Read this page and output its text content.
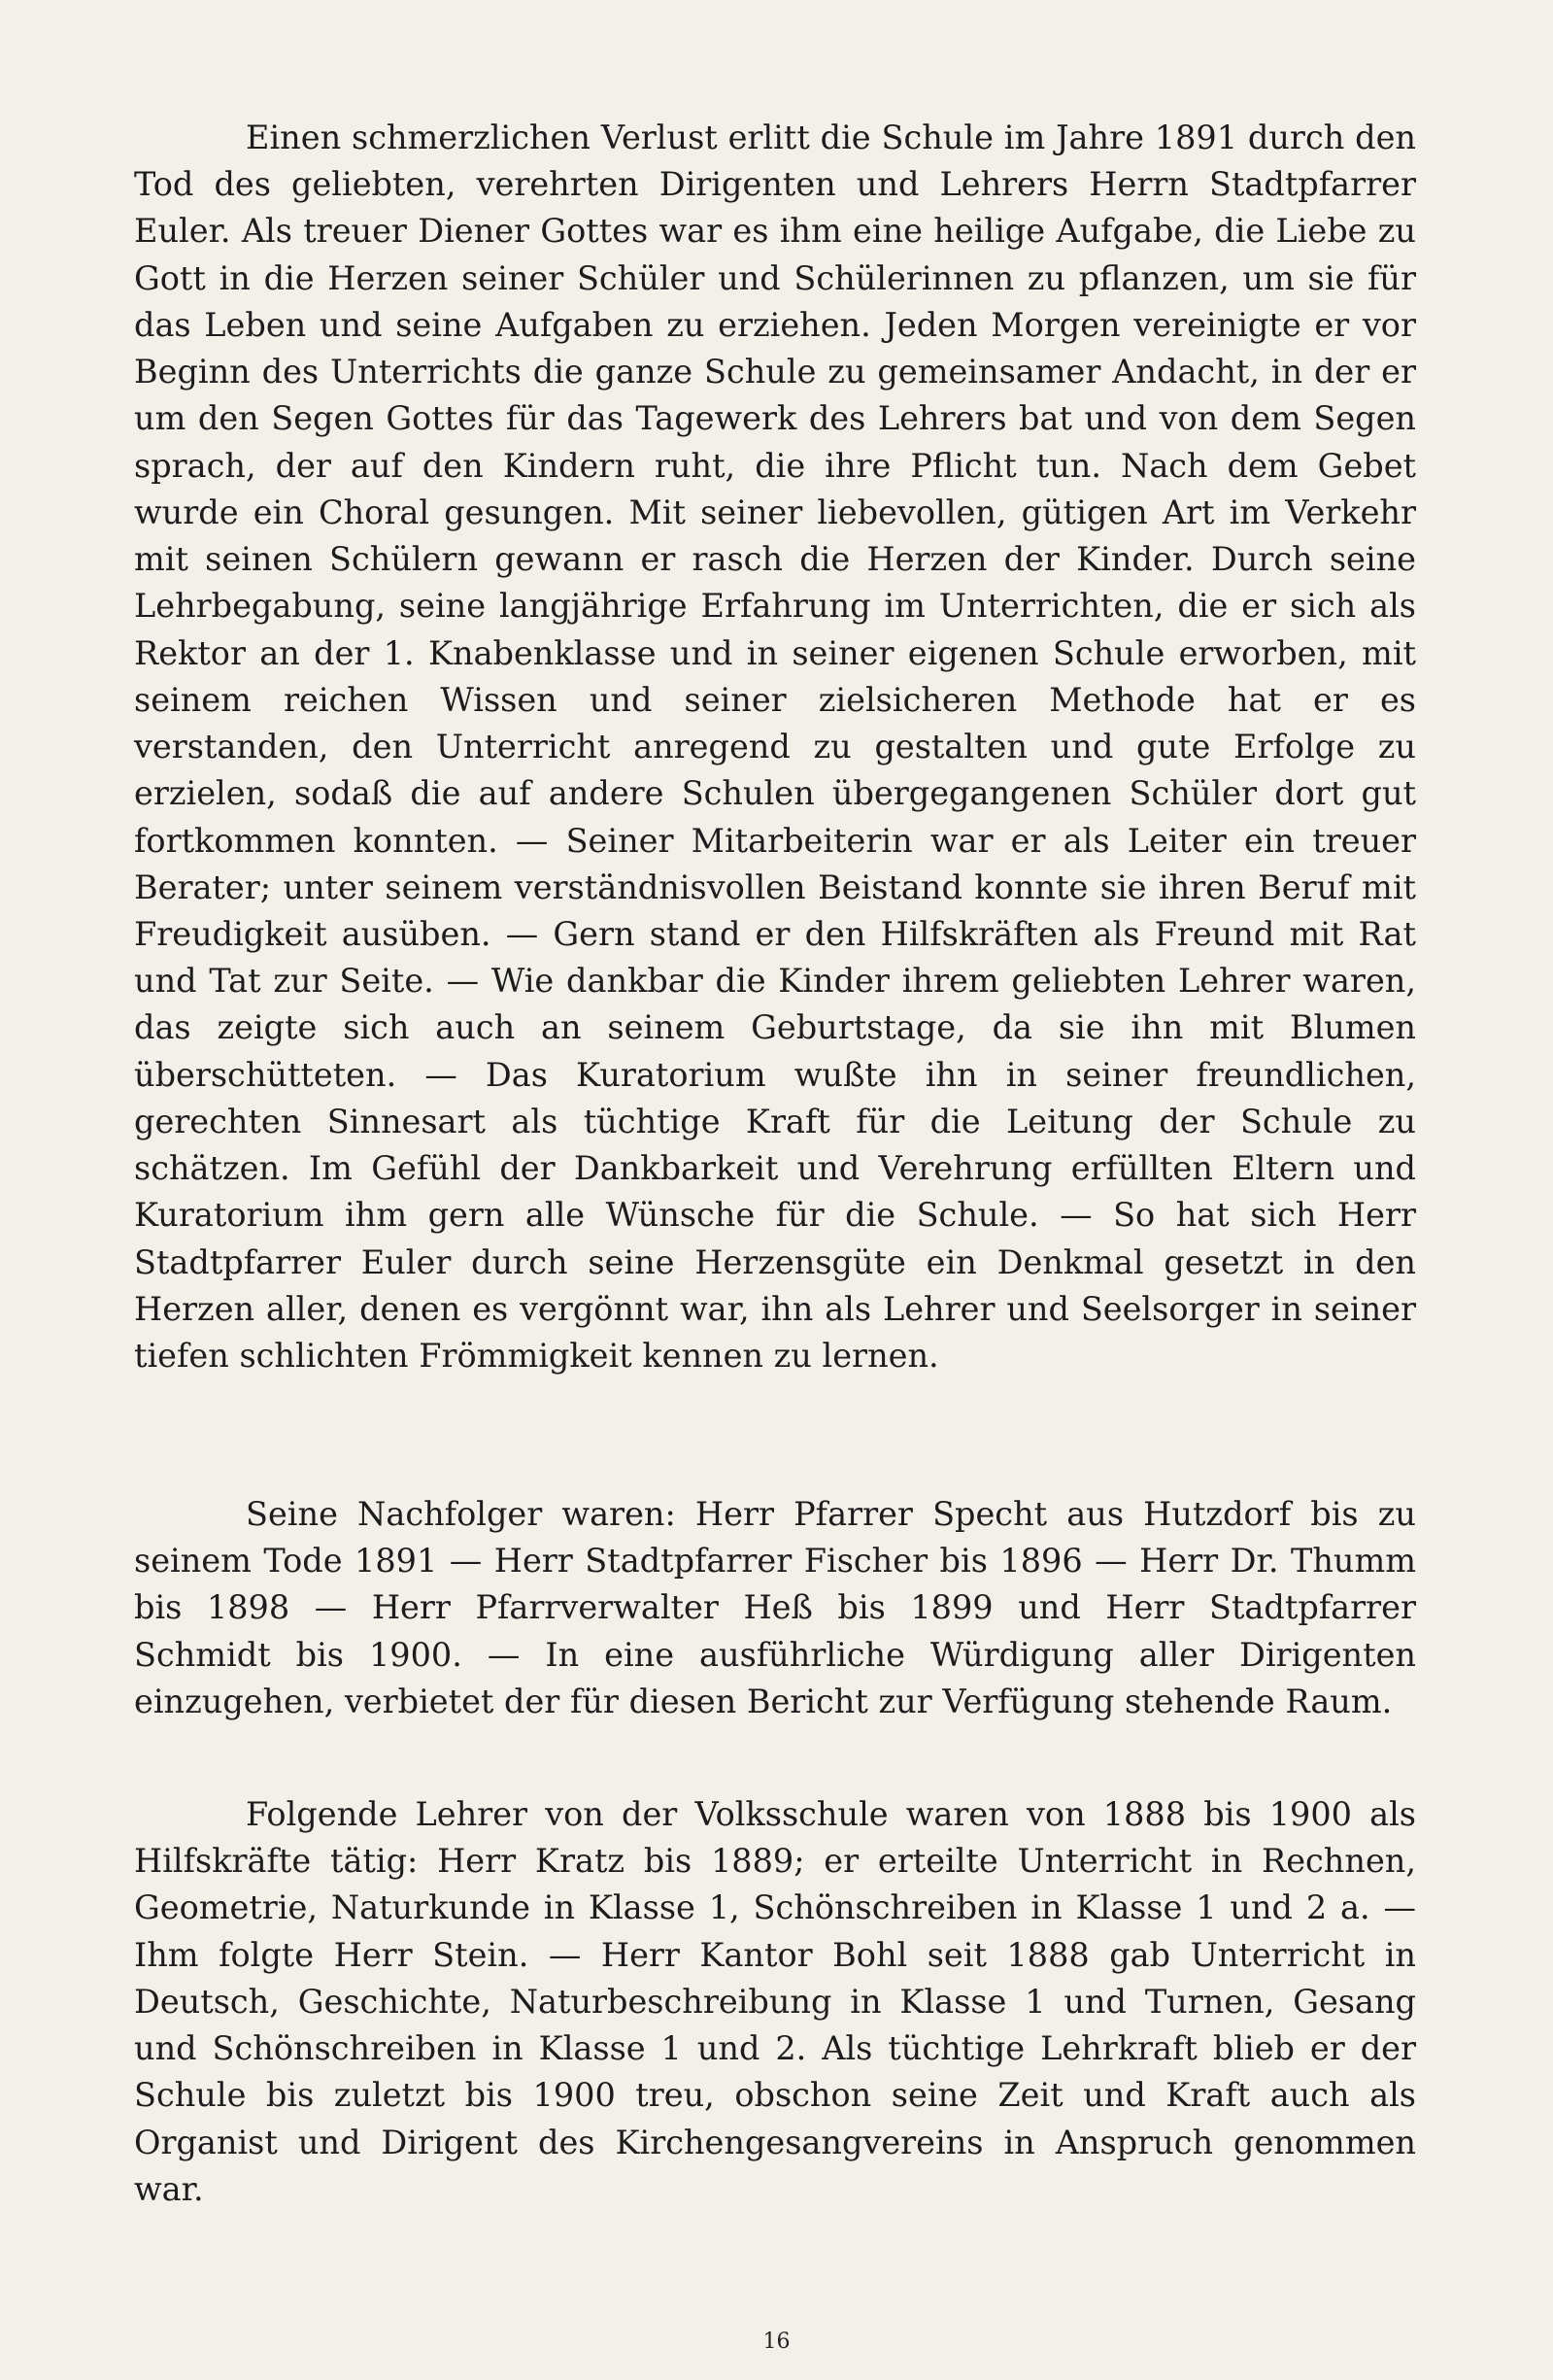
Einen schmerzlichen Verlust erlitt die Schule im Jahre 1891 durch den Tod des geliebten, verehrten Dirigenten und Lehrers Herrn Stadtpfarrer Euler. Als treuer Diener Gottes war es ihm eine heilige Aufgabe, die Liebe zu Gott in die Herzen seiner Schüler und Schülerinnen zu pflanzen, um sie für das Leben und seine Aufgaben zu erziehen. Jeden Morgen vereinigte er vor Beginn des Unterrichts die ganze Schule zu gemeinsamer Andacht, in der er um den Segen Gottes für das Tagewerk des Lehrers bat und von dem Segen sprach, der auf den Kindern ruht, die ihre Pflicht tun. Nach dem Gebet wurde ein Choral gesungen. Mit seiner liebevollen, gütigen Art im Verkehr mit seinen Schülern gewann er rasch die Herzen der Kinder. Durch seine Lehrbegabung, seine langjährige Erfahrung im Unterrichten, die er sich als Rektor an der 1. Knabenklasse und in seiner eigenen Schule erworben, mit seinem reichen Wissen und seiner zielsicheren Methode hat er es verstanden, den Unterricht anregend zu gestalten und gute Erfolge zu erzielen, sodaß die auf andere Schulen übergegangenen Schüler dort gut fortkommen konnten. — Seiner Mitarbeiterin war er als Leiter ein treuer Berater; unter seinem verständnisvollen Beistand konnte sie ihren Beruf mit Freudigkeit ausüben. — Gern stand er den Hilfskräften als Freund mit Rat und Tat zur Seite. — Wie dankbar die Kinder ihrem geliebten Lehrer waren, das zeigte sich auch an seinem Geburtstage, da sie ihn mit Blumen überschütteten. — Das Kuratorium wußte ihn in seiner freundlichen, gerechten Sinnesart als tüchtige Kraft für die Leitung der Schule zu schätzen. Im Gefühl der Dankbarkeit und Verehrung erfüllten Eltern und Kuratorium ihm gern alle Wünsche für die Schule. — So hat sich Herr Stadtpfarrer Euler durch seine Herzensgüte ein Denkmal gesetzt in den Herzen aller, denen es vergönnt war, ihn als Lehrer und Seelsorger in seiner tiefen schlichten Frömmigkeit kennen zu lernen.

Seine Nachfolger waren: Herr Pfarrer Specht aus Hutzdorf bis zu seinem Tode 1891 — Herr Stadtpfarrer Fischer bis 1896 — Herr Dr. Thumm bis 1898 — Herr Pfarrverwalter Heß bis 1899 und Herr Stadtpfarrer Schmidt bis 1900. — In eine ausführliche Würdigung aller Dirigenten einzugehen, verbietet der für diesen Bericht zur Verfügung stehende Raum.

Folgende Lehrer von der Volksschule waren von 1888 bis 1900 als Hilfskräfte tätig: Herr Kratz bis 1889; er erteilte Unterricht in Rechnen, Geometrie, Naturkunde in Klasse 1, Schönschreiben in Klasse 1 und 2 a. — Ihm folgte Herr Stein. — Herr Kantor Bohl seit 1888 gab Unterricht in Deutsch, Geschichte, Naturbeschreibung in Klasse 1 und Turnen, Gesang und Schönschreiben in Klasse 1 und 2. Als tüchtige Lehrkraft blieb er der Schule bis zuletzt bis 1900 treu, obschon seine Zeit und Kraft auch als Organist und Dirigent des Kirchengesangvereins in Anspruch genommen war.

16
